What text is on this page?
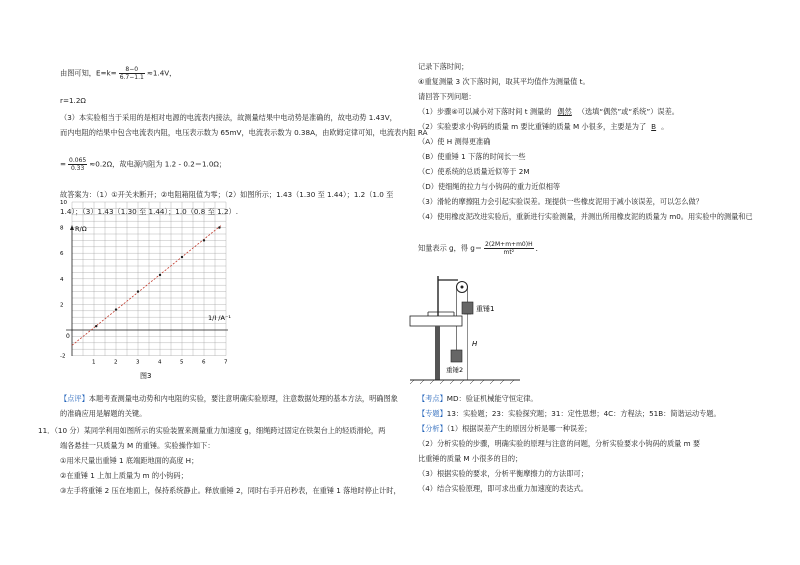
由图可知，$E=k= \frac{8-0}{6.7-1.1} \approx 1.4V$，
r=1.2Ω
（3）本实验相当于采用的是相对电源的电流表内接法，故测量结果中电动势是准确的，故电动势 1.43V，
而内电阻的结果中包含电流表内阻，电压表示数为 65mV，电流表示数为 0.38A，由欧姆定律可知，电流表内阻 RA
= $\frac{0.065}{0.33} \approx 0.2\Omega$，故电源内阻为 1.2 - 0.2＝1.0Ω；
故答案为：（1）①开关未断开；②电阻箱阻值为零；（2）如图所示；1.43（1.30 至 1.44）；1.2（1.0 至
1.4）；（3）1.43（1.30 至 1.44）；1.0（0.8 至 1.2）.
R/Ω
1/I /A⁻¹
0
10
8
6
4
2
-2
1	2	3	4	5	6	7
图3
【点评】本题考查测量电动势和内电阻的实验，要注意明确实验原理，注意数据处理的基本方法，明确图象
的准确应用是解题的关键。
11．（10 分）某同学利用如图所示的实验装置来测量重力加速度 g，细绳跨过固定在铁架台上的轻质滑轮，两
端各悬挂一只质量为 M 的重锤。实验操作如下：
①用米尺量出重锤 1 底端距地面的高度 H；
②在重锤 1 上加上质量为 m 的小钩码；
③左手将重锤 2 压在地面上，保持系统静止。释放重锤 2，同时右手开启秒表，在重锤 1 落地时停止计时，
记录下落时间；
④重复测量 3 次下落时间，取其平均值作为测量值 t。
请回答下列问题：
（1）步骤④可以减小对下落时间 t 测量的 偶然 （选填“偶然”或“系统”）误差。
（2）实验要求小钩码的质量 m 要比重锤的质量 M 小很多，主要是为了 B 。
（A）使 H 测得更准确
（B）使重锤 1 下落的时间长一些
（C）使系统的总质量近似等于 2M
（D）使细绳的拉力与小钩码的重力近似相等
（3）滑轮的摩擦阻力会引起实验误差。现提供一些橡皮泥用于减小该误差，可以怎么做？
（4）使用橡皮泥改进实验后，重新进行实验测量，并测出所用橡皮泥的质量为 m0。用实验中的测量和已
知量表示 g，得 $g= \frac{2(2M+m+m0)H}{\text{mt²}}$ ．
重锤1
H
重锤2
【考点】MD：验证机械能守恒定律。
【专题】13：实验题；23：实验探究题；31：定性思想；4C：方程法；51B：简谐运动专题。
【分析】（1）根据误差产生的原因分析是哪一种误差；
（2）分析实验的步骤，明确实验的原理与注意的问题，分析实验要求小钩码的质量 m 要
比重锤的质量 M 小很多的目的；
（3）根据实验的要求，分析平衡摩擦力的方法即可；
（4）结合实验原理，即可求出重力加速度的表达式。
